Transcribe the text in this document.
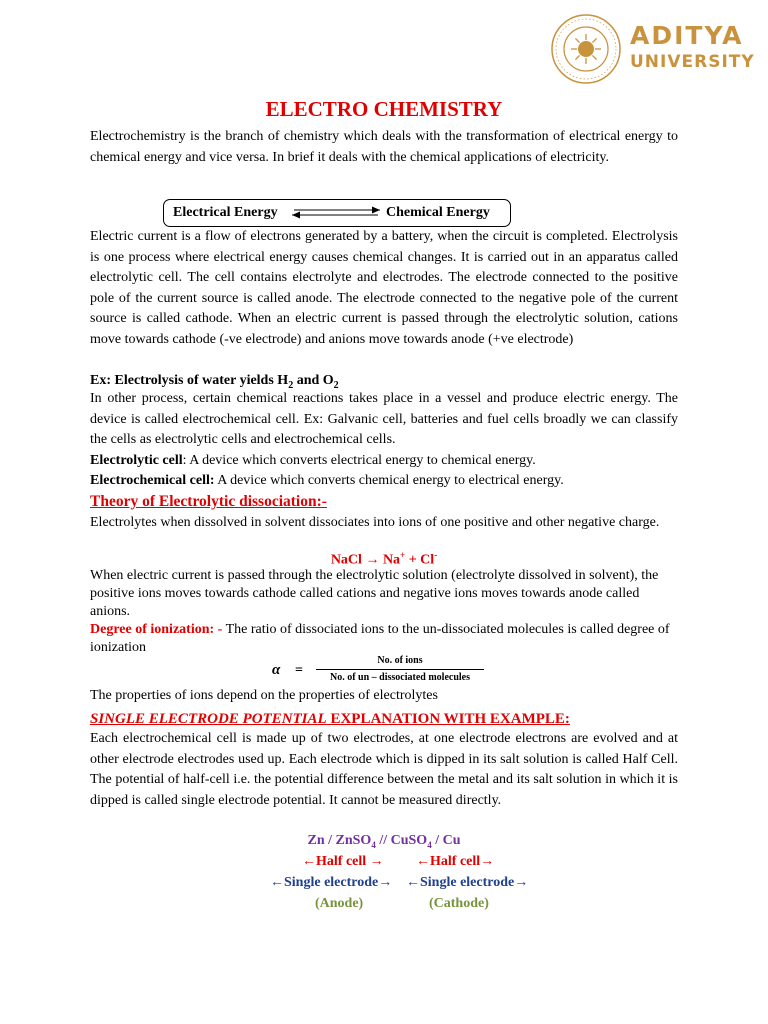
ADITYA
UNIVERSITY
ELECTRO CHEMISTRY
Electrochemistry is the branch of chemistry which deals with the transformation of electrical energy to chemical energy and vice versa. In brief it deals with the chemical applications of electricity.
Electrical Energy	Chemical Energy
Electric current is a flow of electrons generated by a battery, when the circuit is completed. Electrolysis is one process where electrical energy causes chemical changes. It is carried out in an apparatus called electrolytic cell. The cell contains electrolyte and electrodes. The electrode connected to the positive pole of the current source is called anode. The electrode connected to the negative pole of the current source is called cathode. When an electric current is passed through the electrolytic solution, cations move towards cathode (-ve electrode) and anions move towards anode (+ve electrode)
Ex: Electrolysis of water yields $H_2$ and $O_2$
In other process, certain chemical reactions takes place in a vessel and produce electric energy. The device is called electrochemical cell. Ex: Galvanic cell, batteries and fuel cells broadly we can classify the cells as electrolytic cells and electrochemical cells.
Electrolytic cell: A device which converts electrical energy to chemical energy.
Electrochemical cell: A device which converts chemical energy to electrical energy.
Theory of Electrolytic dissociation:-
Electrolytes when dissolved in solvent dissociates into ions of one positive and other negative charge.
NaCl → Na+ + Cl-
When electric current is passed through the electrolytic solution (electrolyte dissolved in solvent), the positive ions moves towards cathode called cations and negative ions moves towards anode called anions.
Degree of ionization: - The ratio of dissociated ions to the un-dissociated molecules is called degree of ionization
α =
No. of ions
No. of un – dissociated molecules
The properties of ions depend on the properties of electrolytes
SINGLE ELECTRODE POTENTIAL EXPLANATION WITH EXAMPLE:
Each electrochemical cell is made up of two electrodes, at one electrode electrons are evolved and at other electrode electrodes used up. Each electrode which is dipped in its salt solution is called Half Cell. The potential of half-cell i.e. the potential difference between the metal and its salt solution in which it is dipped is called single electrode potential. It cannot be measured directly.
Zn / ZnSO$_4$ // CuSO$_4$ / Cu
←Half cell → ←Half cell→
←Single electrode→ ←Single electrode→
(Anode)	(Cathode)
